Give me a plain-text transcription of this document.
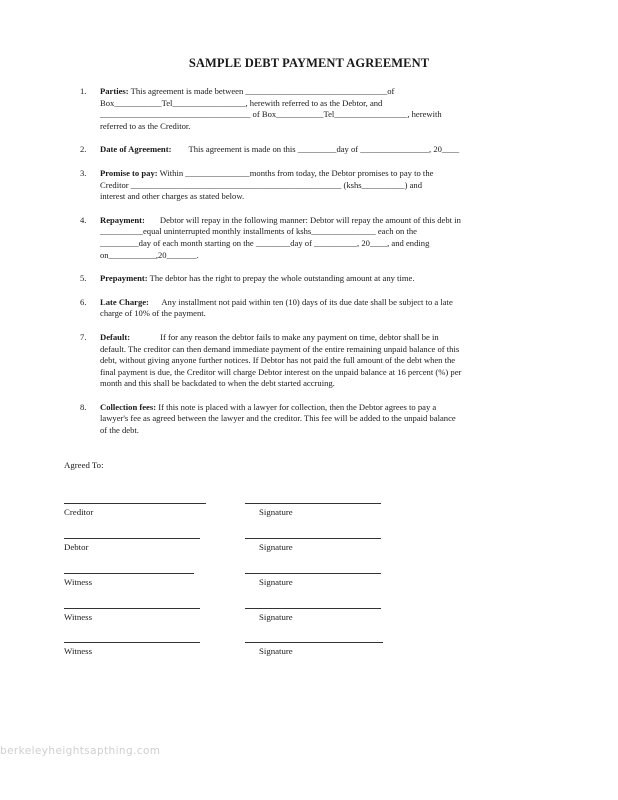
SAMPLE DEBT PAYMENT AGREEMENT
1. Parties: This agreement is made between _________________________________of
Box___________Tel_________________, herewith referred to as the Debtor, and
___________________________________ of Box___________Tel_________________, herewith
referred to as the Creditor.
2. Date of Agreement:        This agreement is made on this _________day of ________________, 20____
3. Promise to pay: Within _______________months from today, the Debtor promises to pay to the
Creditor _________________________________________________ (kshs__________) and
interest and other charges as stated below.
4. Repayment:       Debtor will repay in the following manner: Debtor will repay the amount of this debt in
__________equal uninterrupted monthly installments of kshs_______________ each on the
_________day of each month starting on the ________day of __________, 20____, and ending
on___________,20_______.
5. Prepayment: The debtor has the right to prepay the whole outstanding amount at any time.
6. Late Charge:      Any installment not paid within ten (10) days of its due date shall be subject to a late
charge of 10% of the payment.
7. Default:              If for any reason the debtor fails to make any payment on time, debtor shall be in
default. The creditor can then demand immediate payment of the entire remaining unpaid balance of this
debt, without giving anyone further notices. If Debtor has not paid the full amount of the debt when the
final payment is due, the Creditor will charge Debtor interest on the unpaid balance at 16 percent (%) per
month and this shall be backdated to when the debt started accruing.
8. Collection fees: If this note is placed with a lawyer for collection, then the Debtor agrees to pay a
lawyer's fee as agreed between the lawyer and the creditor. This fee will be added to the unpaid balance
of the debt.
Agreed To:
Creditor	Signature
Debtor	Signature
Witness	Signature
Witness	Signature
Witness	Signature
berkeleyheightsapthing.com
